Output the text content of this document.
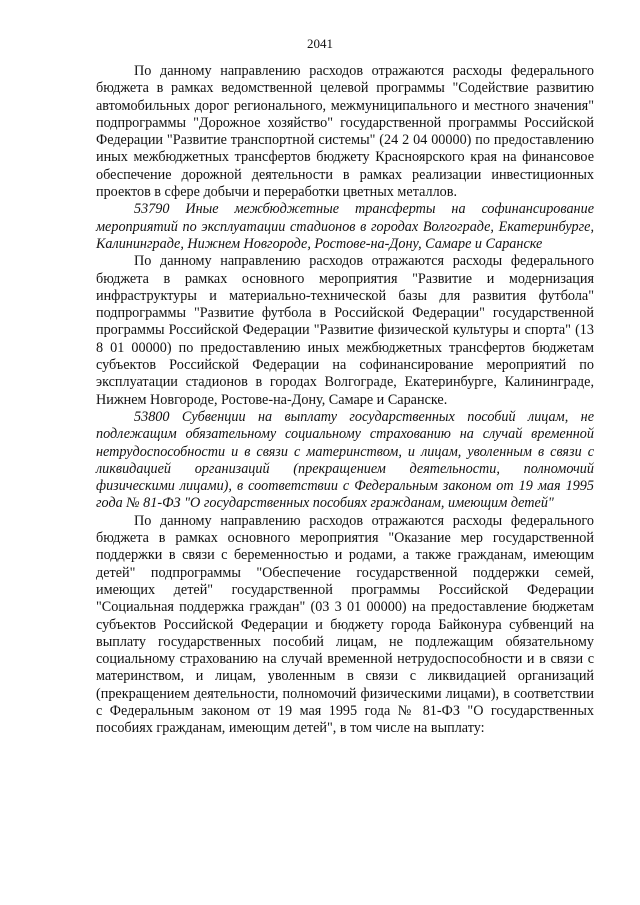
2041

По данному направлению расходов отражаются расходы федерального бюджета в рамках ведомственной целевой программы "Содействие развитию автомобильных дорог регионального, межмуниципального и местного значения" подпрограммы "Дорожное хозяйство" государственной программы Российской Федерации "Развитие транспортной системы" (24 2 04 00000) по предоставлению иных межбюджетных трансфертов бюджету Красноярского края на финансовое обеспечение дорожной деятельности в рамках реализации инвестиционных проектов в сфере добычи и переработки цветных металлов.

53790 Иные межбюджетные трансферты на софинансирование мероприятий по эксплуатации стадионов в городах Волгограде, Екатеринбурге, Калининграде, Нижнем Новгороде, Ростове-на-Дону, Самаре и Саранске

По данному направлению расходов отражаются расходы федерального бюджета в рамках основного мероприятия "Развитие и модернизация инфраструктуры и материально-технической базы для развития футбола" подпрограммы "Развитие футбола в Российской Федерации" государственной программы Российской Федерации "Развитие физической культуры и спорта" (13 8 01 00000) по предоставлению иных межбюджетных трансфертов бюджетам субъектов Российской Федерации на софинансирование мероприятий по эксплуатации стадионов в городах Волгограде, Екатеринбурге, Калининграде, Нижнем Новгороде, Ростове-на-Дону, Самаре и Саранске.

53800 Субвенции на выплату государственных пособий лицам, не подлежащим обязательному социальному страхованию на случай временной нетрудоспособности и в связи с материнством, и лицам, уволенным в связи с ликвидацией организаций (прекращением деятельности, полномочий физическими лицами), в соответствии с Федеральным законом от 19 мая 1995 года № 81-ФЗ "О государственных пособиях гражданам, имеющим детей"

По данному направлению расходов отражаются расходы федерального бюджета в рамках основного мероприятия "Оказание мер государственной поддержки в связи с беременностью и родами, а также гражданам, имеющим детей" подпрограммы "Обеспечение государственной поддержки семей, имеющих детей" государственной программы Российской Федерации "Социальная поддержка граждан" (03 3 01 00000) на предоставление бюджетам субъектов Российской Федерации и бюджету города Байконура субвенций на выплату государственных пособий лицам, не подлежащим обязательному социальному страхованию на случай временной нетрудоспособности и в связи с материнством, и лицам, уволенным в связи с ликвидацией организаций (прекращением деятельности, полномочий физическими лицами), в соответствии с Федеральным законом от 19 мая 1995 года № 81-ФЗ "О государственных пособиях гражданам, имеющим детей", в том числе на выплату:
